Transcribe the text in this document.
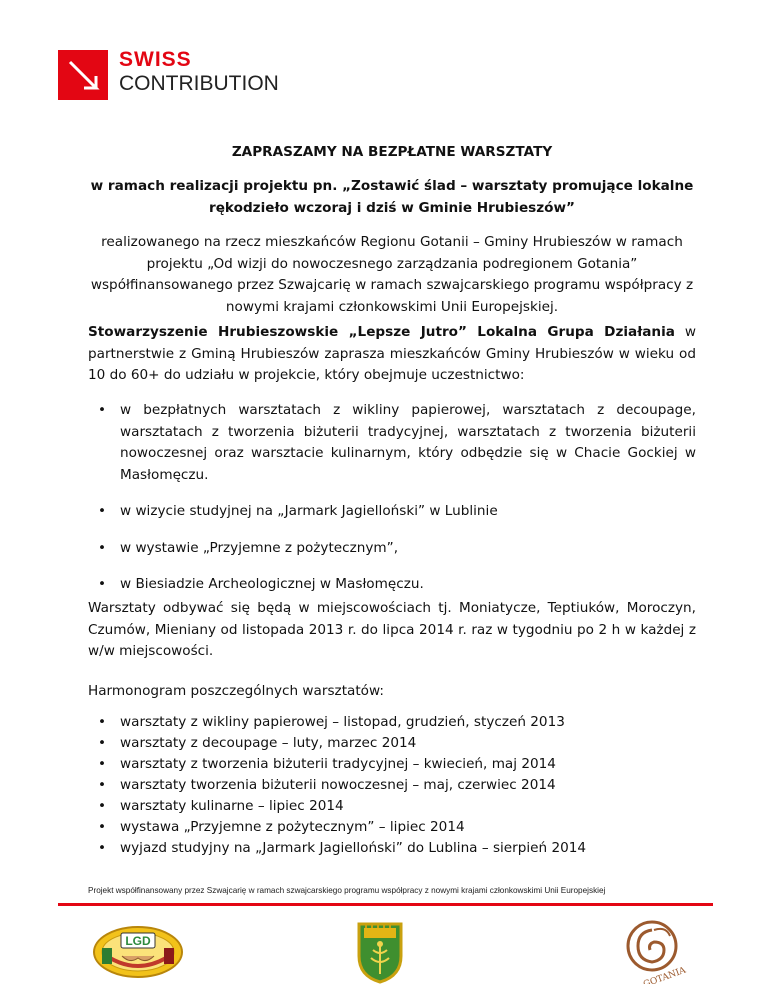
SWISS
CONTRIBUTION
ZAPRASZAMY NA BEZPŁATNE WARSZTATY
w ramach realizacji projektu pn. „Zostawić ślad – warsztaty promujące lokalne
rękodzieło wczoraj i dziś w Gminie Hrubieszów”
realizowanego na rzecz mieszkańców Regionu Gotanii – Gminy Hrubieszów w ramach
projektu „Od wizji do nowoczesnego zarządzania podregionem Gotania”
współfinansowanego przez Szwajcarię w ramach szwajcarskiego programu współpracy z
nowymi krajami członkowskimi Unii Europejskiej.
Stowarzyszenie Hrubieszowskie „Lepsze Jutro” Lokalna Grupa Działania w partnerstwie z Gminą Hrubieszów zaprasza mieszkańców Gminy Hrubieszów w wieku od 10 do 60+ do udziału w projekcie, który obejmuje uczestnictwo:
• w bezpłatnych warsztatach z wikliny papierowej, warsztatach z decoupage, warsztatach z tworzenia biżuterii tradycyjnej, warsztatach z tworzenia biżuterii nowoczesnej oraz warsztacie kulinarnym, który odbędzie się w Chacie Gockiej w Masłomęczu.
• w wizycie studyjnej na „Jarmark Jagielloński” w Lublinie
• w wystawie „Przyjemne z pożytecznym”,
• w Biesiadzie Archeologicznej w Masłomęczu.
Warsztaty odbywać się będą w miejscowościach tj. Moniatycze, Teptiuków, Moroczyn, Czumów, Mieniany od listopada 2013 r. do lipca 2014 r. raz w tygodniu po 2 h w każdej z w/w miejscowości.
Harmonogram poszczególnych warsztatów:
• warsztaty z wikliny papierowej – listopad, grudzień, styczeń 2013
• warsztaty z decoupage – luty, marzec 2014
• warsztaty z tworzenia biżuterii tradycyjnej – kwiecień, maj 2014
• warsztaty tworzenia biżuterii nowoczesnej – maj, czerwiec 2014
• warsztaty kulinarne – lipiec 2014
• wystawa „Przyjemne z pożytecznym” – lipiec 2014
• wyjazd studyjny na „Jarmark Jagielloński” do Lublina – sierpień 2014
Projekt współfinansowany przez Szwajcarię w ramach szwajcarskiego programu współpracy z nowymi krajami członkowskimi Unii Europejskiej
LGD
GOTANIA
